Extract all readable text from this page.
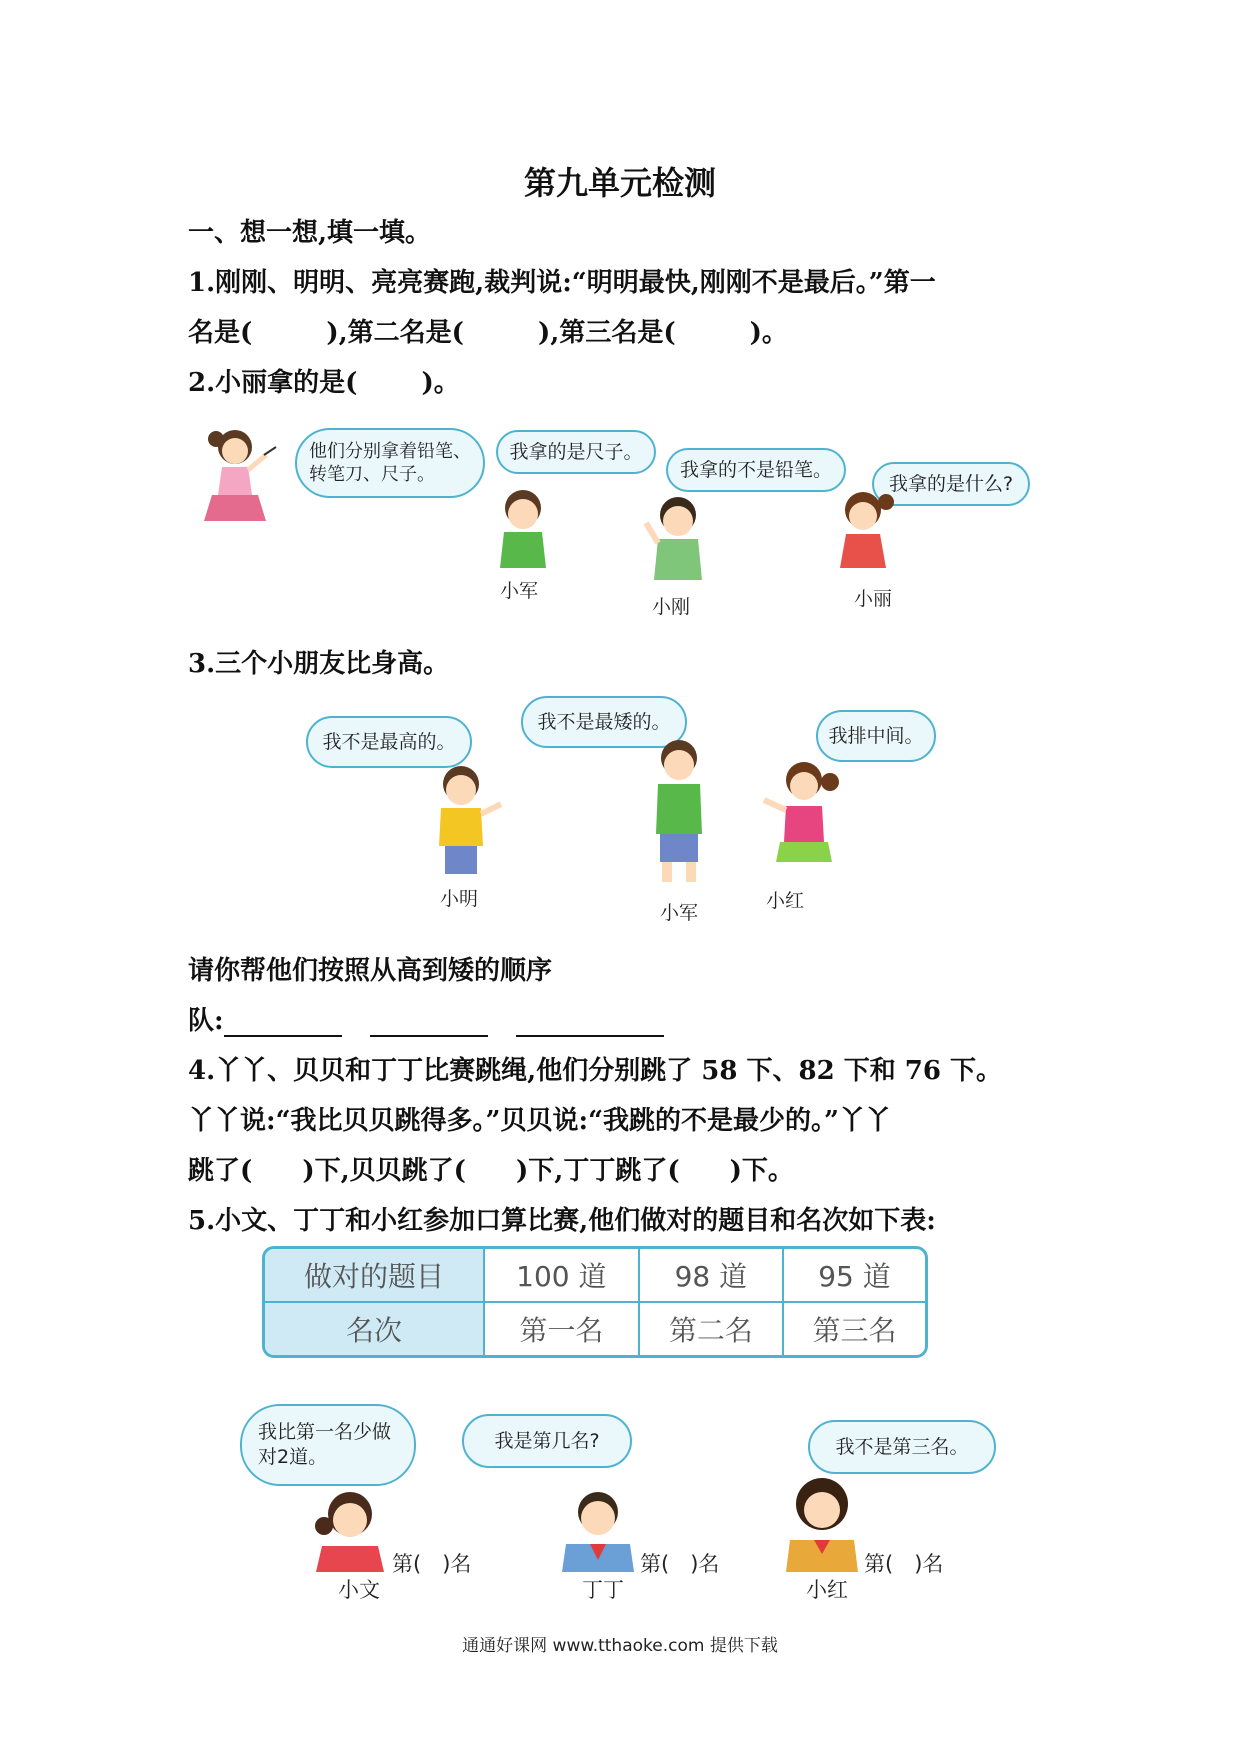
第九单元检测
一、想一想,填一填。
1.刚刚、明明、亮亮赛跑,裁判说:“明明最快,刚刚不是最后。”第一
名是(	),第二名是(	),第三名是(	)。
2.小丽拿的是( )。
他们分别拿着铅笔、转笔刀、尺子。
我拿的是尺子。
我拿的不是铅笔。
我拿的是什么?
小军
小刚	小丽
3.三个小朋友比身高。
我不是最高的。
我不是最矮的。
我排中间。
小明
小军
小红
请你帮他们按照从高到矮的顺序
队:
4.丫丫、贝贝和丁丁比赛跳绳,他们分别跳了 58 下、82 下和 76 下。
丫丫说:“我比贝贝跳得多。”贝贝说:“我跳的不是最少的。”丫丫
跳了( )下,贝贝跳了( )下,丁丁跳了( )下。
5.小文、丁丁和小红参加口算比赛,他们做对的题目和名次如下表:
做对的题目	100 道	98 道	95 道
名次	第一名	第二名	第三名
我比第一名少做对2道。
我是第几名?	我不是第三名。
第(　)名
小文
第(　)名
丁丁
第(　)名
小红
通通好课网 www.tthaoke.com 提供下载
